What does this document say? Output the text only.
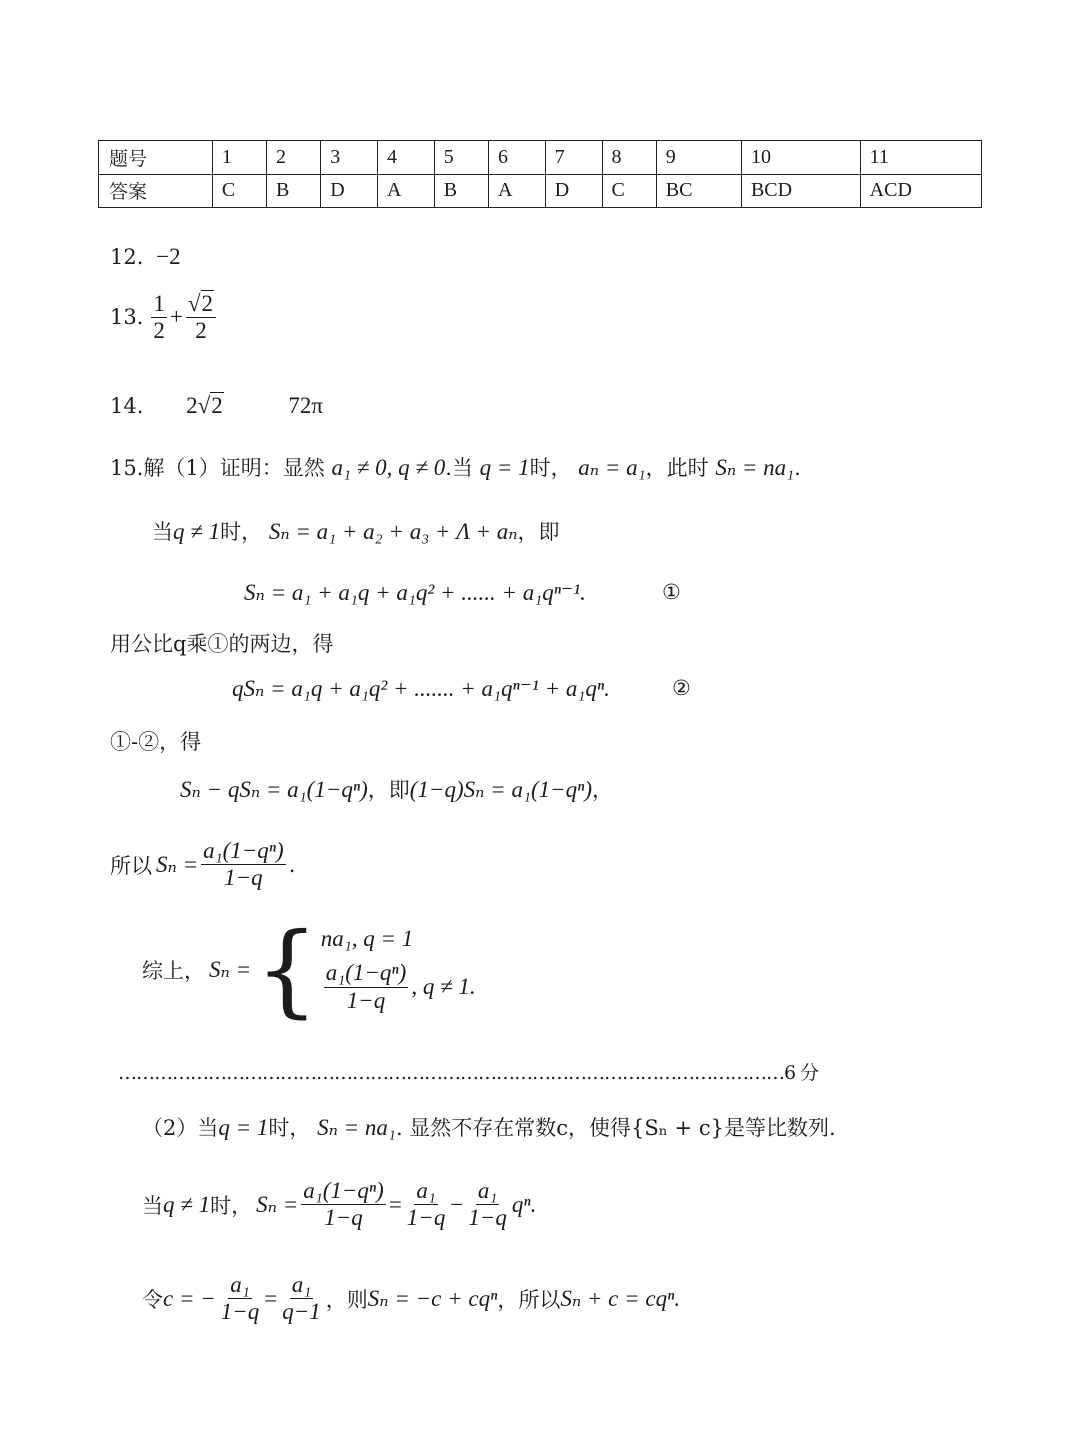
题号	1	2	3	4	5	6	7	8	9	10	11
答案	C	B	D	A	B	A	D	C	BC	BCD	ACD
12. −2
13. $\frac{1}{2} + \frac{√2}{2}$
14. 2√2	72π
15.解（1）证明：显然 a₁ ≠ 0, q ≠ 0.当 q = 1时， aₙ = a₁，此时 Sₙ = na₁.
当q ≠ 1时， Sₙ = a₁ + a₂ + a₃ + Λ + aₙ，即
Sₙ = a₁ + a₁q + a₁q² + ...... + a₁qⁿ⁻¹.	①
用公比q乘①的两边，得
qSₙ = a₁q + a₁q² + ....... + a₁qⁿ⁻¹ + a₁qⁿ.	②
①-②，得
Sₙ − qSₙ = a₁(1−qⁿ)，即(1−q)Sₙ = a₁(1−qⁿ)，
所以 $S_n = \frac{\text{a₁(1−qⁿ)}}{1-q}$ .
综上， Sₙ = { na₁, q = 1
$\frac{\text{a₁(1−qⁿ)}}{1-q}$ , q ≠ 1.
…………………………………………………………………………………………………6 分
（2）当q = 1时， Sₙ = na₁. 显然不存在常数c，使得{Sₙ + c}是等比数列.
当 q ≠ 1 时， $S_n = \frac{\text{a₁(1−qⁿ)}}{1-q} = \frac{\text{a₁}}{1-q} - \frac{\text{a₁}}{1-q} q^n$.
令 c = − $\frac{\text{a₁}}{1-q} = \frac{\text{a₁}}{q-1}$ ，则 Sₙ = −c + cqⁿ ，所以 Sₙ + c = cqⁿ.
